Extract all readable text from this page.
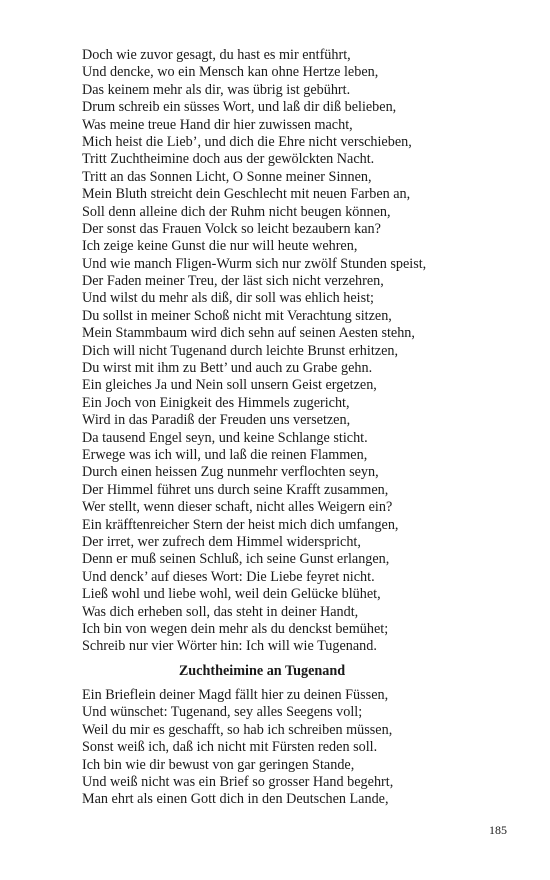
Doch wie zuvor gesagt, du hast es mir entführt,
Und dencke, wo ein Mensch kan ohne Hertze leben,
Das keinem mehr als dir, was übrig ist gebührt.
Drum schreib ein süsses Wort, und laß dir diß belieben,
Was meine treue Hand dir hier zuwissen macht,
Mich heist die Lieb’, und dich die Ehre nicht verschieben,
Tritt Zuchtheimine doch aus der gewölckten Nacht.
Tritt an das Sonnen Licht, O Sonne meiner Sinnen,
Mein Bluth streicht dein Geschlecht mit neuen Farben an,
Soll denn alleine dich der Ruhm nicht beugen können,
Der sonst das Frauen Volck so leicht bezaubern kan?
Ich zeige keine Gunst die nur will heute wehren,
Und wie manch Fligen-Wurm sich nur zwölf Stunden speist,
Der Faden meiner Treu, der läst sich nicht verzehren,
Und wilst du mehr als diß, dir soll was ehlich heist;
Du sollst in meiner Schoß nicht mit Verachtung sitzen,
Mein Stammbaum wird dich sehn auf seinen Aesten stehn,
Dich will nicht Tugenand durch leichte Brunst erhitzen,
Du wirst mit ihm zu Bett’ und auch zu Grabe gehn.
Ein gleiches Ja und Nein soll unsern Geist ergetzen,
Ein Joch von Einigkeit des Himmels zugericht,
Wird in das Paradiß der Freuden uns versetzen,
Da tausend Engel seyn, und keine Schlange sticht.
Erwege was ich will, und laß die reinen Flammen,
Durch einen heissen Zug nunmehr verflochten seyn,
Der Himmel führet uns durch seine Krafft zusammen,
Wer stellt, wenn dieser schaft, nicht alles Weigern ein?
Ein kräfftenreicher Stern der heist mich dich umfangen,
Der irret, wer zufrech dem Himmel widerspricht,
Denn er muß seinen Schluß, ich seine Gunst erlangen,
Und denck’ auf dieses Wort: Die Liebe feyret nicht.
Ließ wohl und liebe wohl, weil dein Gelücke blühet,
Was dich erheben soll, das steht in deiner Handt,
Ich bin von wegen dein mehr als du denckst bemühet;
Schreib nur vier Wörter hin: Ich will wie Tugenand.
Zuchtheimine an Tugenand
Ein Brieflein deiner Magd fällt hier zu deinen Füssen,
Und wünschet: Tugenand, sey alles Seegens voll;
Weil du mir es geschafft, so hab ich schreiben müssen,
Sonst weiß ich, daß ich nicht mit Fürsten reden soll.
Ich bin wie dir bewust von gar geringen Stande,
Und weiß nicht was ein Brief so grosser Hand begehrt,
Man ehrt als einen Gott dich in den Deutschen Lande,
185
